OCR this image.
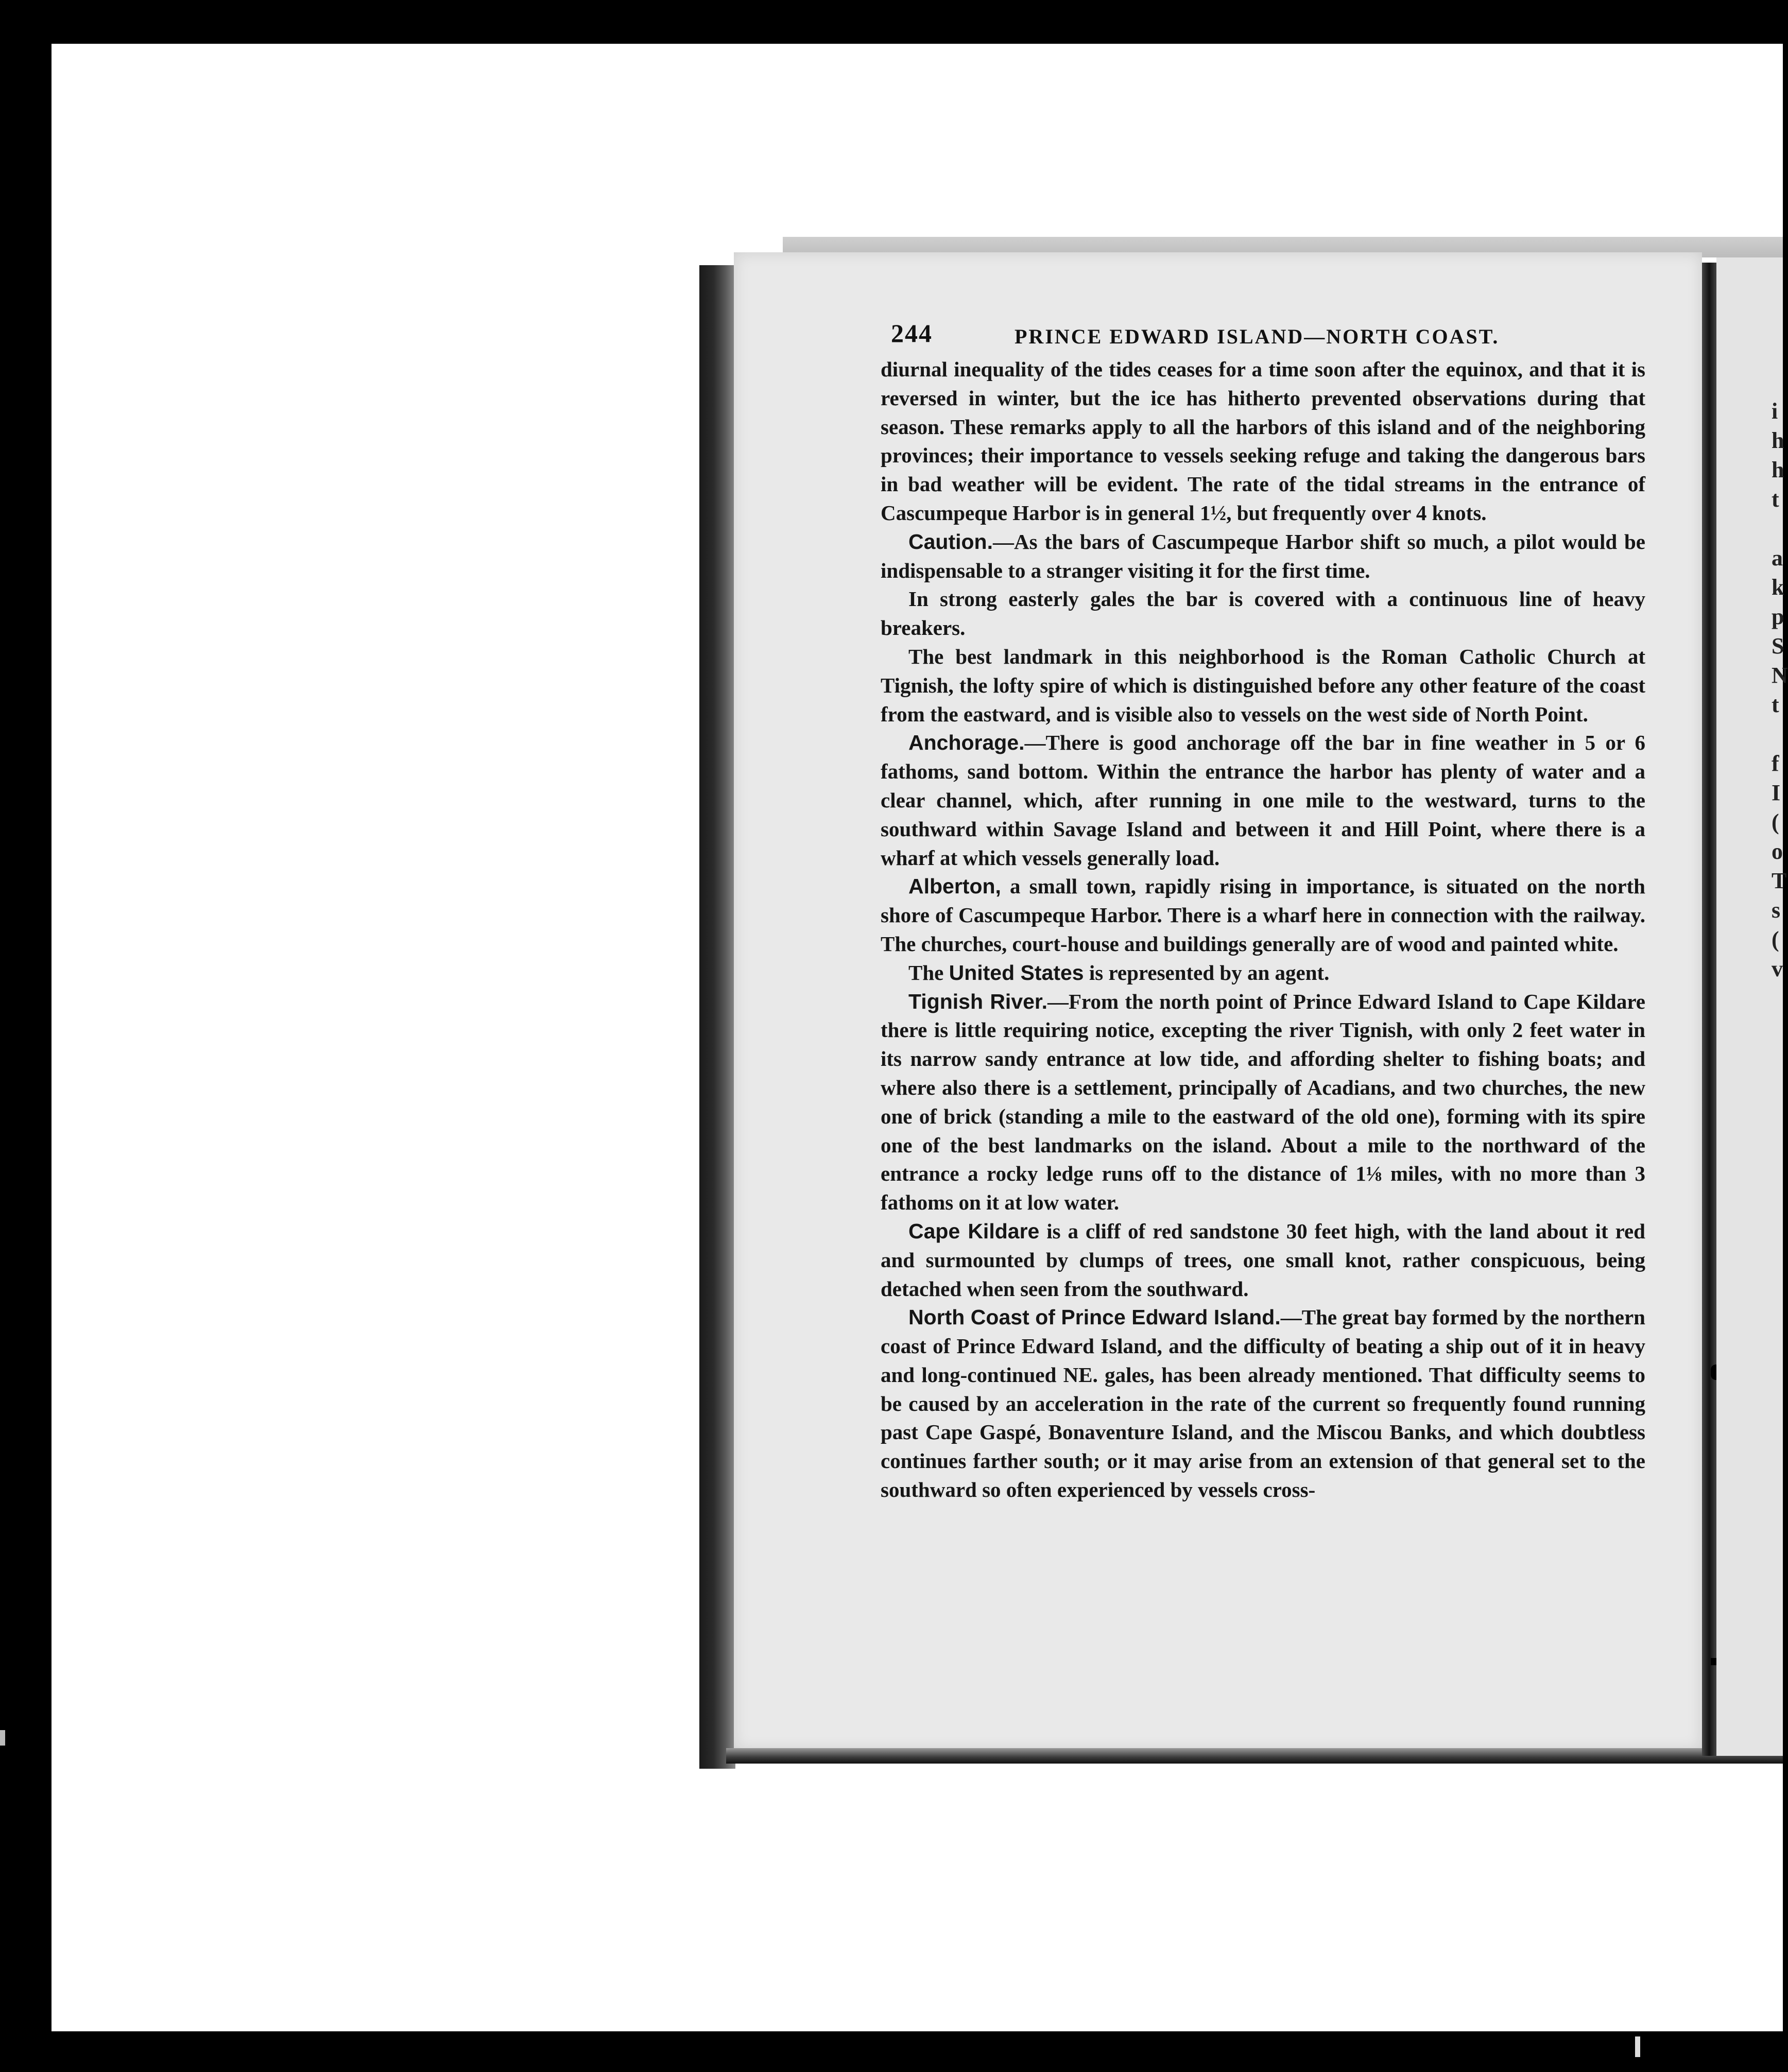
i
h
h
t
a
k
p
S
N
t
f
I
(
o
T
s
(
v
244	PRINCE EDWARD ISLAND—NORTH COAST.

diurnal inequality of the tides ceases for a time soon after the equinox, and that it is reversed in winter, but the ice has hitherto prevented observations during that season. These remarks apply to all the harbors of this island and of the neighboring provinces; their importance to vessels seeking refuge and taking the dangerous bars in bad weather will be evident. The rate of the tidal streams in the entrance of Cascumpeque Harbor is in general 1½, but frequently over 4 knots.

Caution.—As the bars of Cascumpeque Harbor shift so much, a pilot would be indispensable to a stranger visiting it for the first time.

In strong easterly gales the bar is covered with a continuous line of heavy breakers.

The best landmark in this neighborhood is the Roman Catholic Church at Tignish, the lofty spire of which is distinguished before any other feature of the coast from the eastward, and is visible also to vessels on the west side of North Point.

Anchorage.—There is good anchorage off the bar in fine weather in 5 or 6 fathoms, sand bottom. Within the entrance the harbor has plenty of water and a clear channel, which, after running in one mile to the westward, turns to the southward within Savage Island and between it and Hill Point, where there is a wharf at which vessels generally load.

Alberton, a small town, rapidly rising in importance, is situated on the north shore of Cascumpeque Harbor. There is a wharf here in connection with the railway. The churches, court-house and buildings generally are of wood and painted white.

The United States is represented by an agent.

Tignish River.—From the north point of Prince Edward Island to Cape Kildare there is little requiring notice, excepting the river Tignish, with only 2 feet water in its narrow sandy entrance at low tide, and affording shelter to fishing boats; and where also there is a settlement, principally of Acadians, and two churches, the new one of brick (standing a mile to the eastward of the old one), forming with its spire one of the best landmarks on the island. About a mile to the northward of the entrance a rocky ledge runs off to the distance of 1⅛ miles, with no more than 3 fathoms on it at low water.

Cape Kildare is a cliff of red sandstone 30 feet high, with the land about it red and surmounted by clumps of trees, one small knot, rather conspicuous, being detached when seen from the southward.

North Coast of Prince Edward Island.—The great bay formed by the northern coast of Prince Edward Island, and the difficulty of beating a ship out of it in heavy and long-continued NE. gales, has been already mentioned. That difficulty seems to be caused by an acceleration in the rate of the current so frequently found running past Cape Gaspé, Bonaventure Island, and the Miscou Banks, and which doubtless continues farther south; or it may arise from an extension of that general set to the southward so often experienced by vessels cross-
